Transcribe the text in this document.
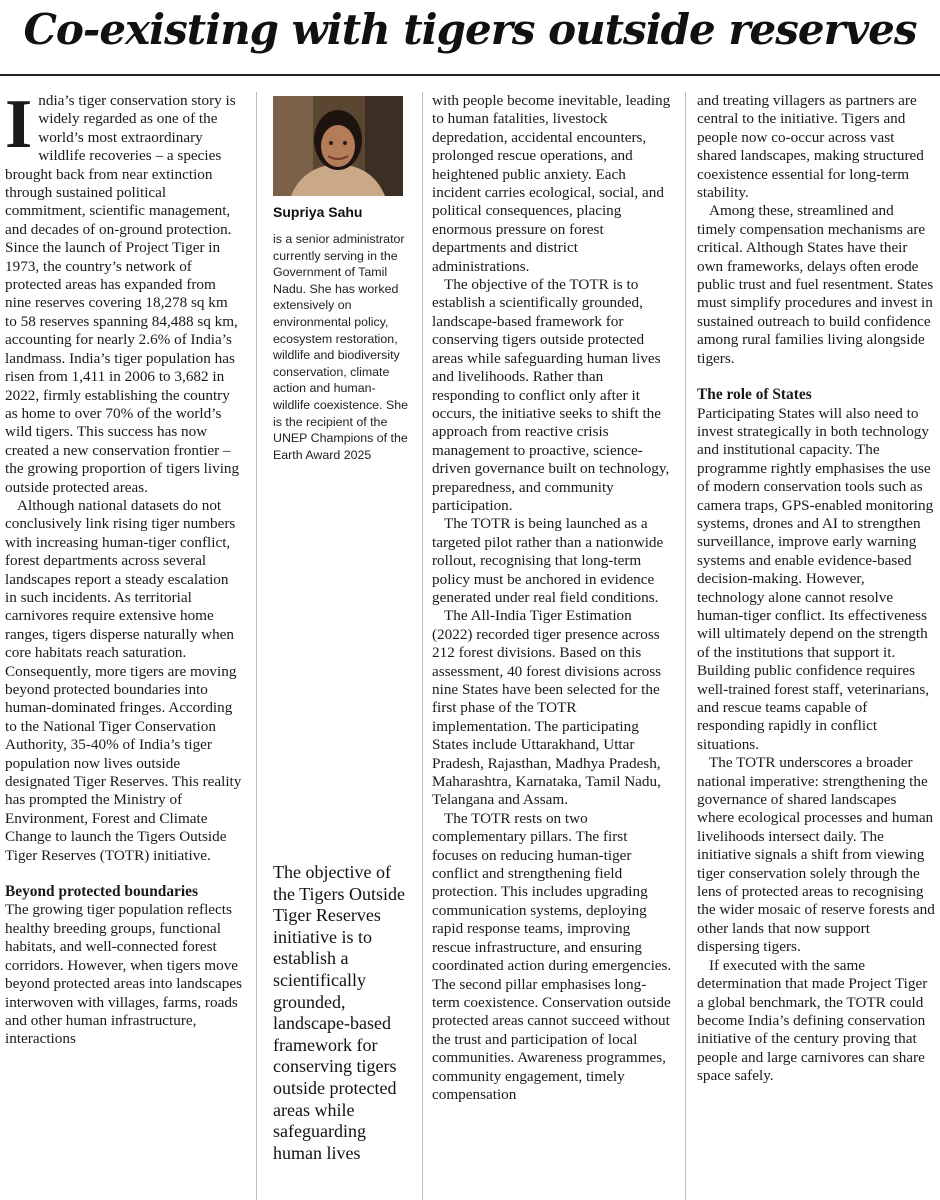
Co-existing with tigers outside reserves

India’s tiger conservation story is widely regarded as one of the world’s most extraordinary wildlife recoveries – a species brought back from near extinction through sustained political commitment, scientific management, and decades of on-ground protection. Since the launch of Project Tiger in 1973, the country’s network of protected areas has expanded from nine reserves covering 18,278 sq km to 58 reserves spanning 84,488 sq km, accounting for nearly 2.6% of India’s landmass. India’s tiger population has risen from 1,411 in 2006 to 3,682 in 2022, firmly establishing the country as home to over 70% of the world’s wild tigers. This success has now created a new conservation frontier – the growing proportion of tigers living outside protected areas.

Although national datasets do not conclusively link rising tiger numbers with increasing human-tiger conflict, forest departments across several landscapes report a steady escalation in such incidents. As territorial carnivores require extensive home ranges, tigers disperse naturally when core habitats reach saturation. Consequently, more tigers are moving beyond protected boundaries into human-dominated fringes. According to the National Tiger Conservation Authority, 35-40% of India’s tiger population now lives outside designated Tiger Reserves. This reality has prompted the Ministry of Environment, Forest and Climate Change to launch the Tigers Outside Tiger Reserves (TOTR) initiative.

Beyond protected boundaries

The growing tiger population reflects healthy breeding groups, functional habitats, and well-connected forest corridors. However, when tigers move beyond protected areas into landscapes interwoven with villages, farms, roads and other human infrastructure, interactions

Supriya Sahu
is a senior administrator currently serving in the Government of Tamil Nadu. She has worked extensively on environmental policy, ecosystem restoration, wildlife and biodiversity conservation, climate action and human-wildlife coexistence. She is the recipient of the UNEP Champions of the Earth Award 2025
The objective of the Tigers Outside Tiger Reserves initiative is to establish a scientifically grounded, landscape-based framework for conserving tigers outside protected areas while safeguarding human lives

with people become inevitable, leading to human fatalities, livestock depredation, accidental encounters, prolonged rescue operations, and heightened public anxiety. Each incident carries ecological, social, and political consequences, placing enormous pressure on forest departments and district administrations.

The objective of the TOTR is to establish a scientifically grounded, landscape-based framework for conserving tigers outside protected areas while safeguarding human lives and livelihoods. Rather than responding to conflict only after it occurs, the initiative seeks to shift the approach from reactive crisis management to proactive, science-driven governance built on technology, preparedness, and community participation.

The TOTR is being launched as a targeted pilot rather than a nationwide rollout, recognising that long-term policy must be anchored in evidence generated under real field conditions.

The All-India Tiger Estimation (2022) recorded tiger presence across 212 forest divisions. Based on this assessment, 40 forest divisions across nine States have been selected for the first phase of the TOTR implementation. The participating States include Uttarakhand, Uttar Pradesh, Rajasthan, Madhya Pradesh, Maharashtra, Karnataka, Tamil Nadu, Telangana and Assam.

The TOTR rests on two complementary pillars. The first focuses on reducing human-tiger conflict and strengthening field protection. This includes upgrading communication systems, deploying rapid response teams, improving rescue infrastructure, and ensuring coordinated action during emergencies. The second pillar emphasises long-term coexistence. Conservation outside protected areas cannot succeed without the trust and participation of local communities. Awareness programmes, community engagement, timely compensation

and treating villagers as partners are central to the initiative. Tigers and people now co-occur across vast shared landscapes, making structured coexistence essential for long-term stability.

Among these, streamlined and timely compensation mechanisms are critical. Although States have their own frameworks, delays often erode public trust and fuel resentment. States must simplify procedures and invest in sustained outreach to build confidence among rural families living alongside tigers.

The role of States

Participating States will also need to invest strategically in both technology and institutional capacity. The programme rightly emphasises the use of modern conservation tools such as camera traps, GPS-enabled monitoring systems, drones and AI to strengthen surveillance, improve early warning systems and enable evidence-based decision-making. However, technology alone cannot resolve human-tiger conflict. Its effectiveness will ultimately depend on the strength of the institutions that support it. Building public confidence requires well-trained forest staff, veterinarians, and rescue teams capable of responding rapidly in conflict situations.

The TOTR underscores a broader national imperative: strengthening the governance of shared landscapes where ecological processes and human livelihoods intersect daily. The initiative signals a shift from viewing tiger conservation solely through the lens of protected areas to recognising the wider mosaic of reserve forests and other lands that now support dispersing tigers.

If executed with the same determination that made Project Tiger a global benchmark, the TOTR could become India’s defining conservation initiative of the century proving that people and large carnivores can share space safely.
